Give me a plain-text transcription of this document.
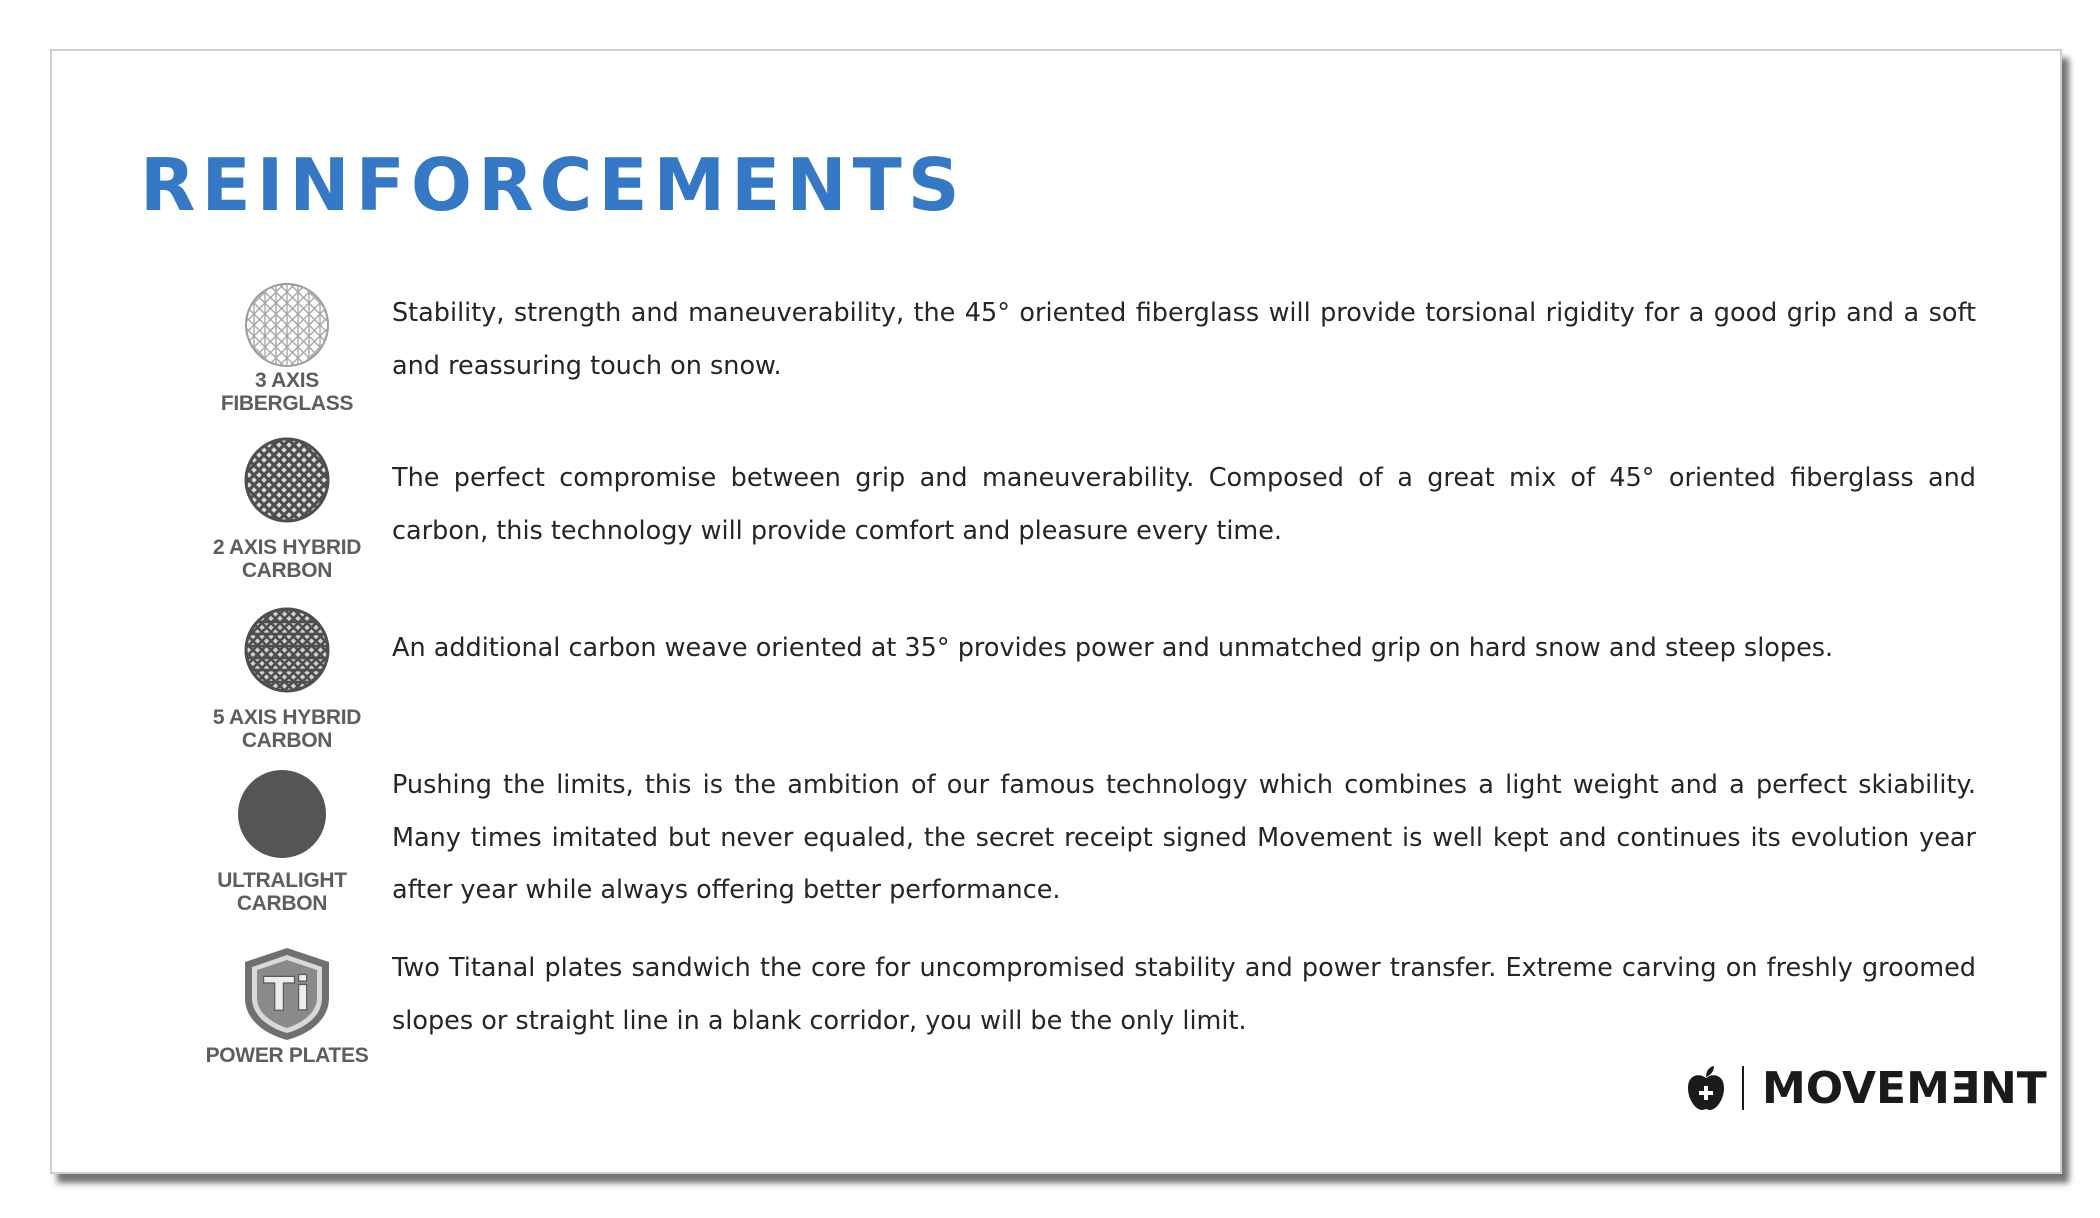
REINFORCEMENTS
3 AXIS
FIBERGLASS

Stability, strength and maneuverability, the 45° oriented fiberglass will provide torsional rigidity for a good grip and a soft and reassuring touch on snow.

2 AXIS HYBRID
CARBON

The perfect compromise between grip and maneuverability. Composed of a great mix of 45° oriented fiberglass and carbon, this technology will provide comfort and pleasure every time.

5 AXIS HYBRID
CARBON

An additional carbon weave oriented at 35° provides power and unmatched grip on hard snow and steep slopes.

ULTRALIGHT
CARBON

Pushing the limits, this is the ambition of our famous technology which combines a light weight and a perfect skiability. Many times imitated but never equaled, the secret receipt signed Movement is well kept and continues its evolution year after year while always offering better performance.

Ti
POWER PLATES

Two Titanal plates sandwich the core for uncompromised stability and power transfer. Extreme carving on freshly groomed slopes or straight line in a blank corridor, you will be the only limit.

MOVEMƎNT
